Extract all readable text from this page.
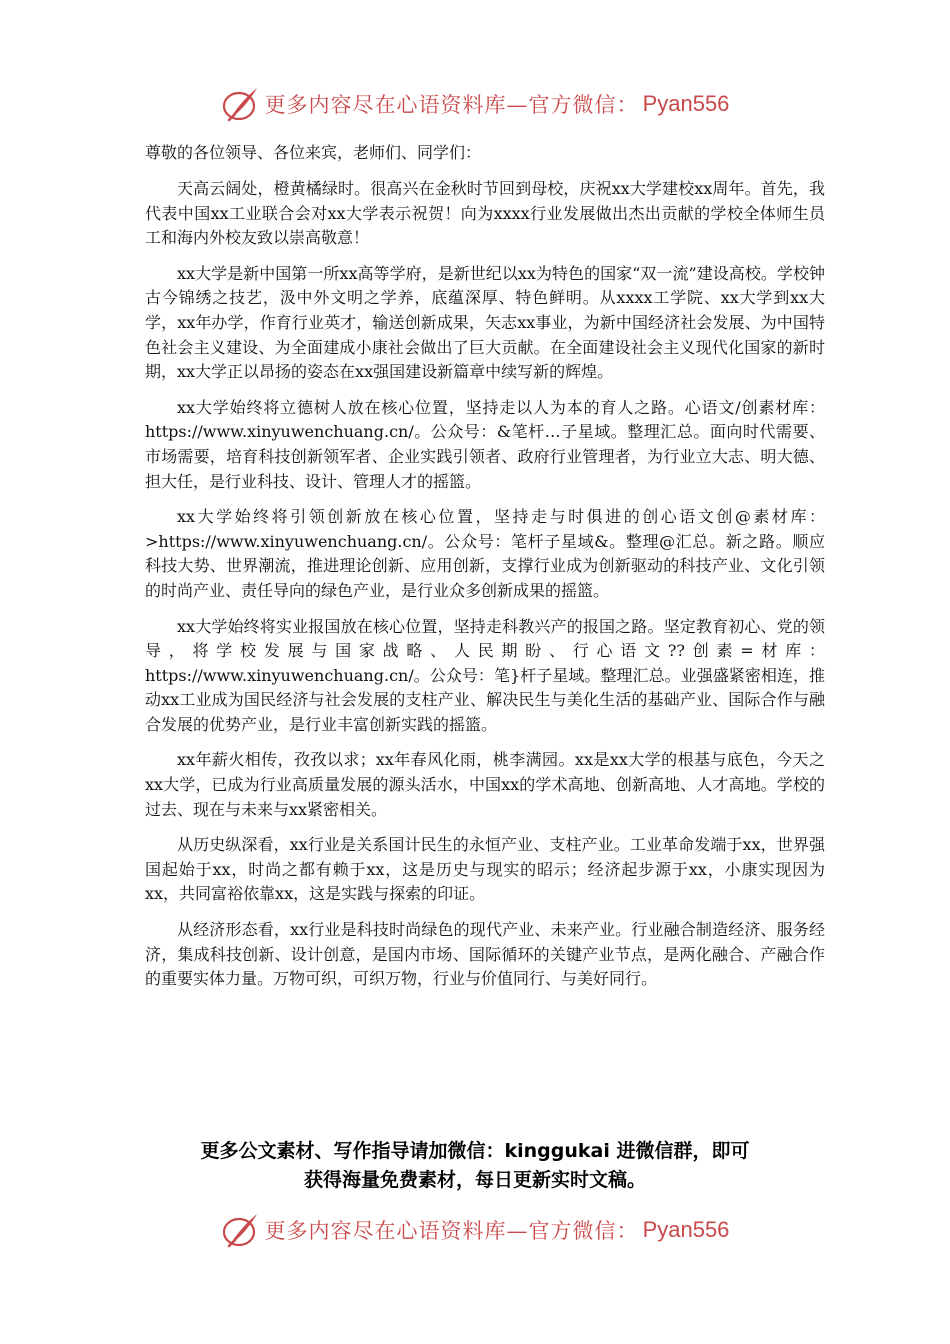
更多内容尽在心语资料库—官方微信： Pyan556

尊敬的各位领导、各位来宾，老师们、同学们：

天高云阔处，橙黄橘绿时。很高兴在金秋时节回到母校，庆祝xx大学建校xx周年。首先，我代表中国xx工业联合会对xx大学表示祝贺！向为xxxx行业发展做出杰出贡献的学校全体师生员工和海内外校友致以崇高敬意！

xx大学是新中国第一所xx高等学府，是新世纪以xx为特色的国家“双一流”建设高校。学校钟古今锦绣之技艺，汲中外文明之学养，底蕴深厚、特色鲜明。从xxxx工学院、xx大学到xx大学，xx年办学，作育行业英才，输送创新成果，矢志xx事业，为新中国经济社会发展、为中国特色社会主义建设、为全面建成小康社会做出了巨大贡献。在全面建设社会主义现代化国家的新时期，xx大学正以昂扬的姿态在xx强国建设新篇章中续写新的辉煌。

xx大学始终将立德树人放在核心位置，坚持走以人为本的育人之路。心语文/创素材库：https://www.xinyuwenchuang.cn/。公众号：&笔杆…子星域。整理汇总。面向时代需要、市场需要，培育科技创新领军者、企业实践引领者、政府行业管理者，为行业立大志、明大德、担大任，是行业科技、设计、管理人才的摇篮。

xx大学始终将引领创新放在核心位置，坚持走与时俱进的创心语文创@素材库：>https://www.xinyuwenchuang.cn/。公众号：笔杆子星域&。整理@汇总。新之路。顺应科技大势、世界潮流，推进理论创新、应用创新，支撑行业成为创新驱动的科技产业、文化引领的时尚产业、责任导向的绿色产业，是行业众多创新成果的摇篮。

xx大学始终将实业报国放在核心位置，坚持走科教兴产的报国之路。坚定教育初心、党的领导，将学校发展与国家战略、人民期盼、行心语文??创素=材库：https://www.xinyuwenchuang.cn/。公众号：笔}杆子星域。整理汇总。业强盛紧密相连，推动xx工业成为国民经济与社会发展的支柱产业、解决民生与美化生活的基础产业、国际合作与融合发展的优势产业，是行业丰富创新实践的摇篮。

xx年薪火相传，孜孜以求；xx年春风化雨，桃李满园。xx是xx大学的根基与底色，今天之xx大学，已成为行业高质量发展的源头活水，中国xx的学术高地、创新高地、人才高地。学校的过去、现在与未来与xx紧密相关。

从历史纵深看，xx行业是关系国计民生的永恒产业、支柱产业。工业革命发端于xx，世界强国起始于xx，时尚之都有赖于xx，这是历史与现实的昭示；经济起步源于xx，小康实现因为xx，共同富裕依靠xx，这是实践与探索的印证。

从经济形态看，xx行业是科技时尚绿色的现代产业、未来产业。行业融合制造经济、服务经济，集成科技创新、设计创意，是国内市场、国际循环的关键产业节点，是两化融合、产融合作的重要实体力量。万物可织，可织万物，行业与价值同行、与美好同行。

更多公文素材、写作指导请加微信：kinggukai 进微信群，即可
获得海量免费素材，每日更新实时文稿。
更多内容尽在心语资料库—官方微信： Pyan556
